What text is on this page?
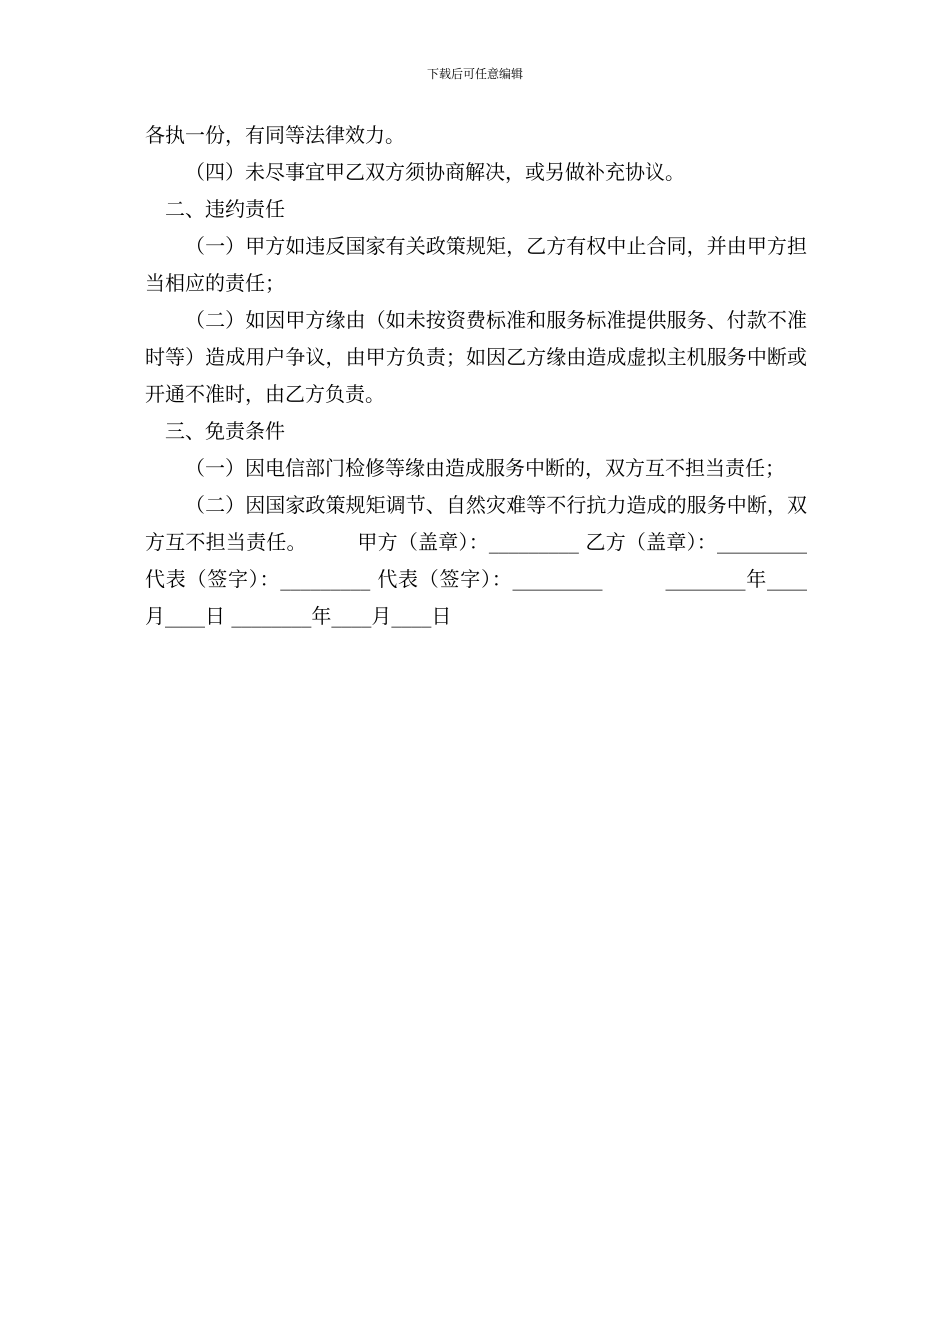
下载后可任意编辑

各执一份，有同等法律效力。

（四）未尽事宜甲乙双方须协商解决，或另做补充协议。

二、违约责任

（一）甲方如违反国家有关政策规矩，乙方有权中止合同，并由甲方担当相应的责任；

（二）如因甲方缘由（如未按资费标准和服务标准提供服务、付款不准时等）造成用户争议，由甲方负责；如因乙方缘由造成虚拟主机服务中断或开通不准时，由乙方负责。

三、免责条件

（一）因电信部门检修等缘由造成服务中断的，双方互不担当责任；

（二）因国家政策规矩调节、自然灾难等不行抗力造成的服务中断，双方互不担当责任。　　　甲方（盖章）：_________ 乙方（盖章）：_________　　　代表（签字）：_________ 代表（签字）：_________　　　________年____月____日 ________年____月____日
